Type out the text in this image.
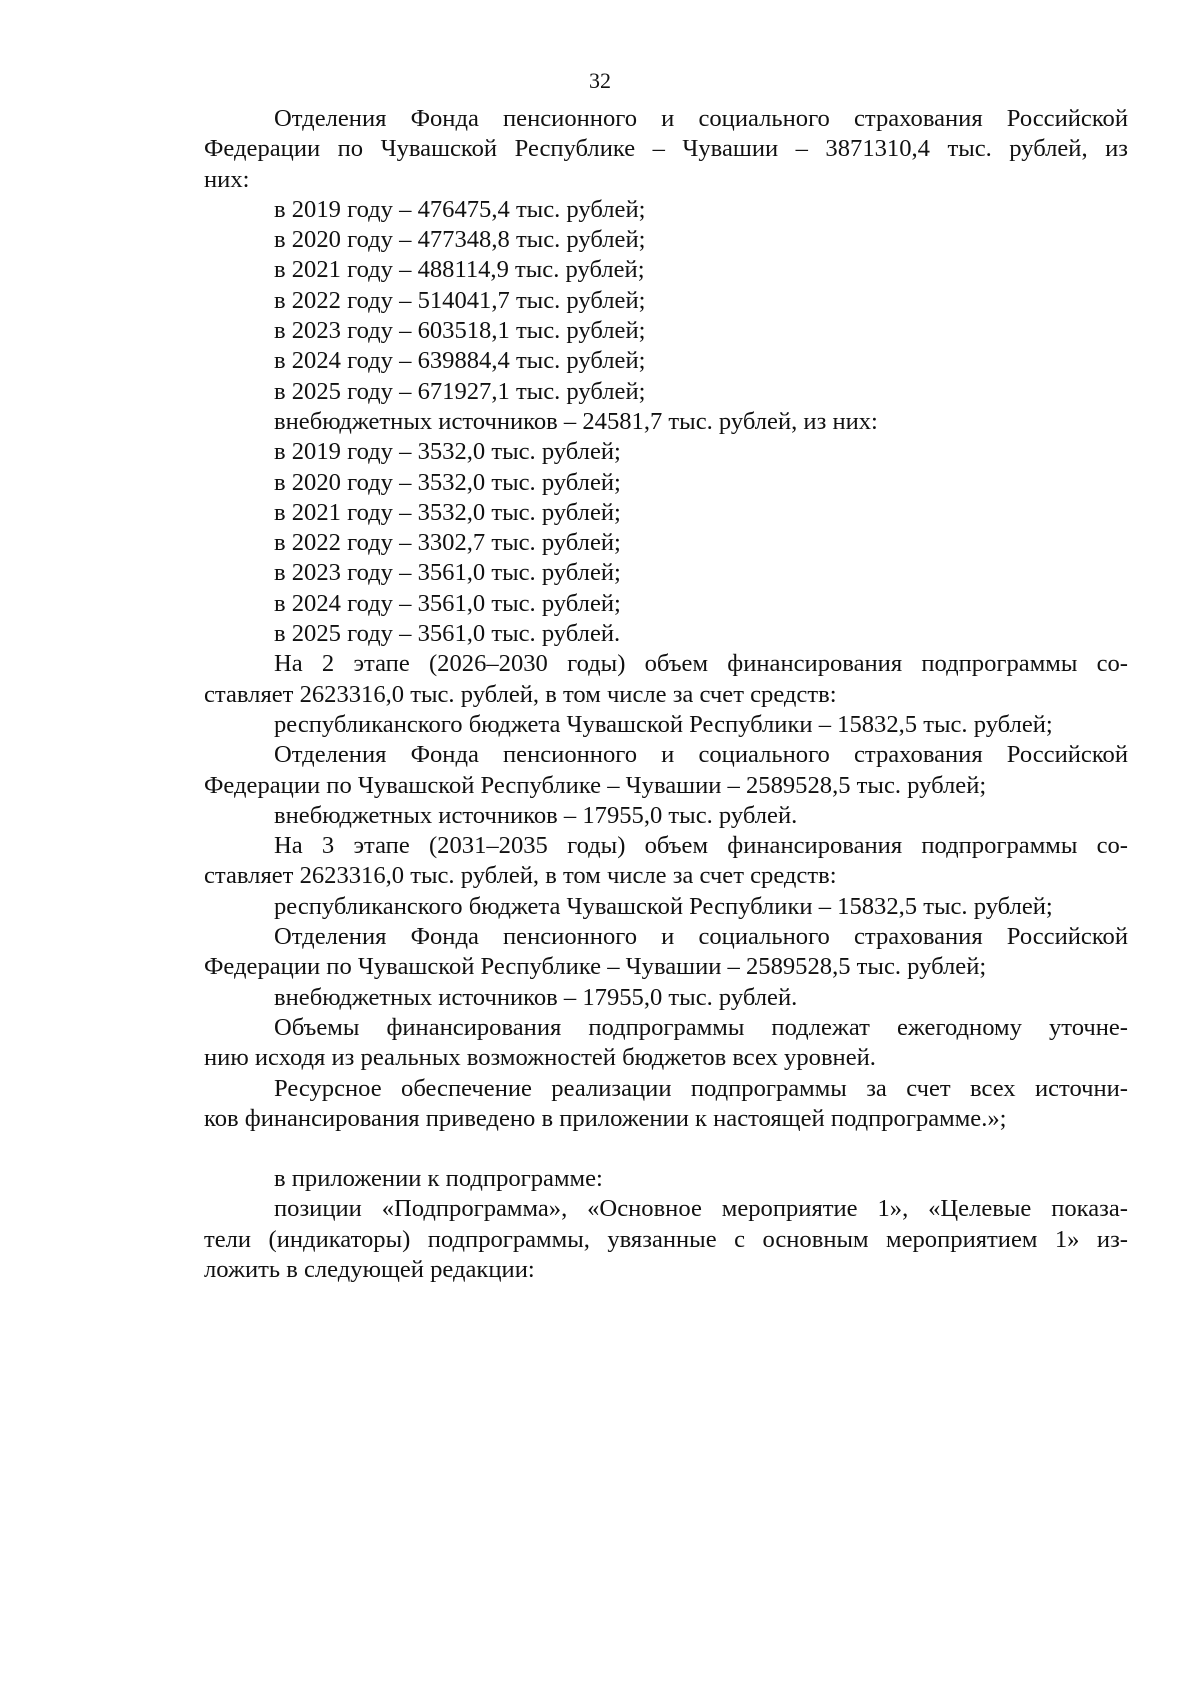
32
Отделения Фонда пенсионного и социального страхования Российской
Федерации по Чувашской Республике – Чувашии – 3871310,4 тыс. рублей, из
них:
в 2019 году – 476475,4 тыс. рублей;
в 2020 году – 477348,8 тыс. рублей;
в 2021 году – 488114,9 тыс. рублей;
в 2022 году – 514041,7 тыс. рублей;
в 2023 году – 603518,1 тыс. рублей;
в 2024 году – 639884,4 тыс. рублей;
в 2025 году – 671927,1 тыс. рублей;
внебюджетных источников – 24581,7 тыс. рублей, из них:
в 2019 году – 3532,0 тыс. рублей;
в 2020 году – 3532,0 тыс. рублей;
в 2021 году – 3532,0 тыс. рублей;
в 2022 году – 3302,7 тыс. рублей;
в 2023 году – 3561,0 тыс. рублей;
в 2024 году – 3561,0 тыс. рублей;
в 2025 году – 3561,0 тыс. рублей.
На 2 этапе (2026–2030 годы) объем финансирования подпрограммы со-
ставляет 2623316,0 тыс. рублей, в том числе за счет средств:
республиканского бюджета Чувашской Республики – 15832,5 тыс. рублей;
Отделения Фонда пенсионного и социального страхования Российской
Федерации по Чувашской Республике – Чувашии – 2589528,5 тыс. рублей;
внебюджетных источников – 17955,0 тыс. рублей.
На 3 этапе (2031–2035 годы) объем финансирования подпрограммы со-
ставляет 2623316,0 тыс. рублей, в том числе за счет средств:
республиканского бюджета Чувашской Республики – 15832,5 тыс. рублей;
Отделения Фонда пенсионного и социального страхования Российской
Федерации по Чувашской Республике – Чувашии – 2589528,5 тыс. рублей;
внебюджетных источников – 17955,0 тыс. рублей.
Объемы финансирования подпрограммы подлежат ежегодному уточне-
нию исходя из реальных возможностей бюджетов всех уровней.
Ресурсное обеспечение реализации подпрограммы за счет всех источни-
ков финансирования приведено в приложении к настоящей подпрограмме.»;
в приложении к подпрограмме:
позиции «Подпрограмма», «Основное мероприятие 1», «Целевые показа-
тели (индикаторы) подпрограммы, увязанные с основным мероприятием 1» из-
ложить в следующей редакции:
